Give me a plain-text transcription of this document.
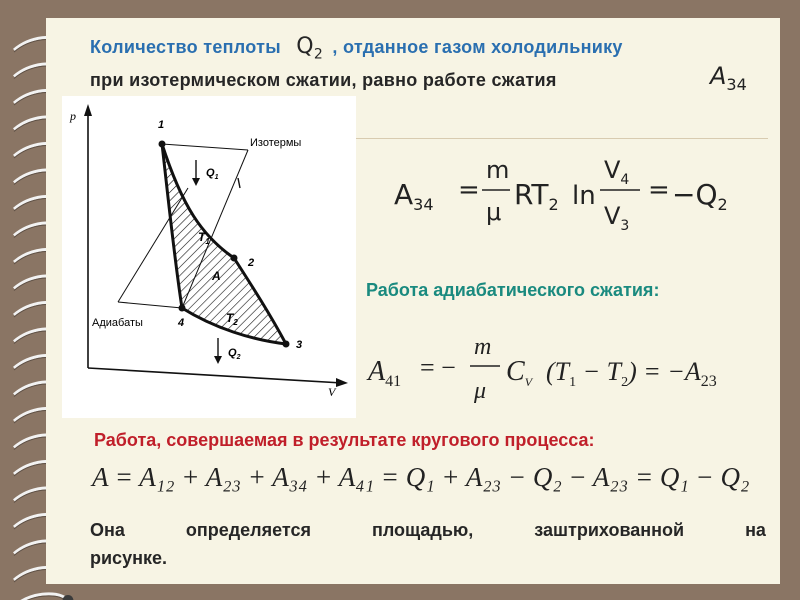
Количество теплоты $Q_2$ , отданное газом холодильнику
при изотермическом сжатии, равно работе сжатия	$A_{34}$
p
V
1
2
3
4
Изотермы
Адиабаты
$T_1$
$T_2$
A
$Q_1$
$Q_2$
$A_{34}$ =
m
μ
$RT_2$ ln
$V_4$
$V_3$
= $-Q_2$
Работа адиабатического сжатия:
$A_{41}$ = −
m
μ
$C_V$ $(T_1 - T_2) = -A_{23}$
Работа, совершаемая в результате кругового процесса:
A = A₁₂ + A₂₃ + A₃₄ + A₄₁ = Q₁ + A₂₃ − Q₂ − A₂₃ = Q₁ − Q₂
Она	определяется	площадью,	заштрихованной	на
рисунке.
